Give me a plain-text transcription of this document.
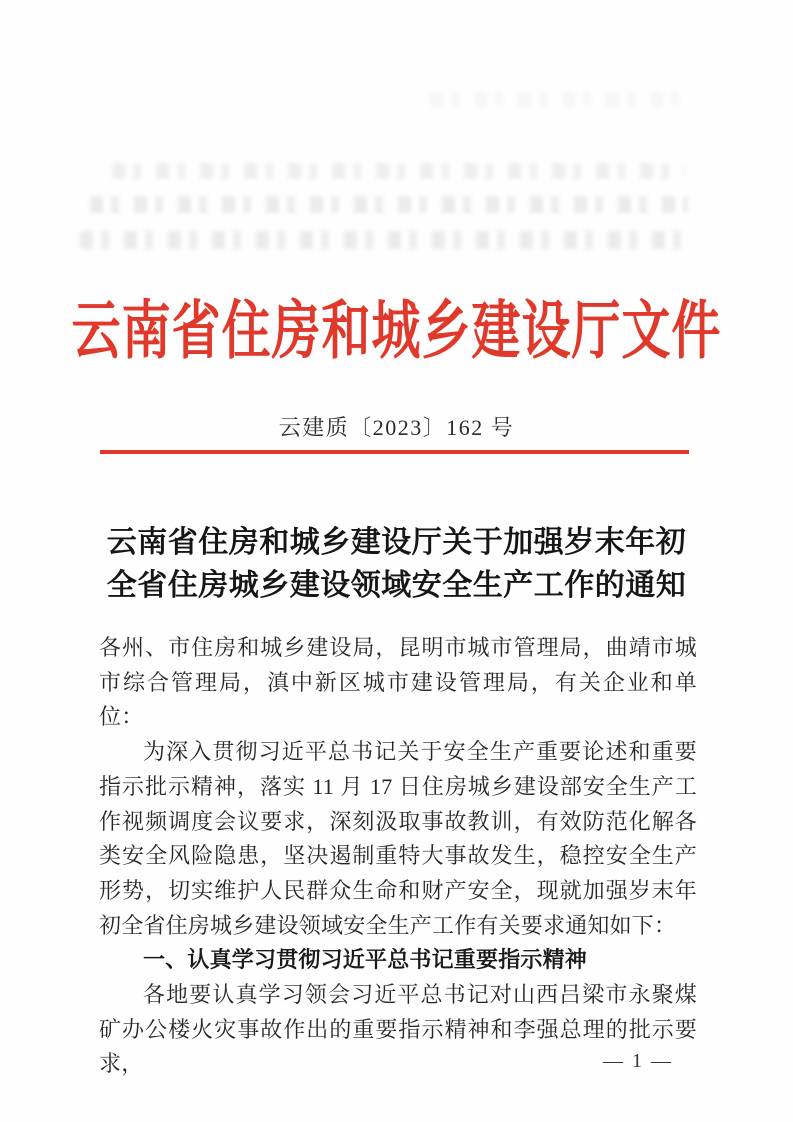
云南省住房和城乡建设厅文件
云建质〔2023〕162 号
云南省住房和城乡建设厅关于加强岁末年初
全省住房城乡建设领域安全生产工作的通知

各州、市住房和城乡建设局，昆明市城市管理局，曲靖市城市综合管理局，滇中新区城市建设管理局，有关企业和单位：

为深入贯彻习近平总书记关于安全生产重要论述和重要指示批示精神，落实 11 月 17 日住房城乡建设部安全生产工作视频调度会议要求，深刻汲取事故教训，有效防范化解各类安全风险隐患，坚决遏制重特大事故发生，稳控安全生产形势，切实维护人民群众生命和财产安全，现就加强岁末年初全省住房城乡建设领域安全生产工作有关要求通知如下：

一、认真学习贯彻习近平总书记重要指示精神

各地要认真学习领会习近平总书记对山西吕梁市永聚煤矿办公楼火灾事故作出的重要指示精神和李强总理的批示要求，	— 1 —
